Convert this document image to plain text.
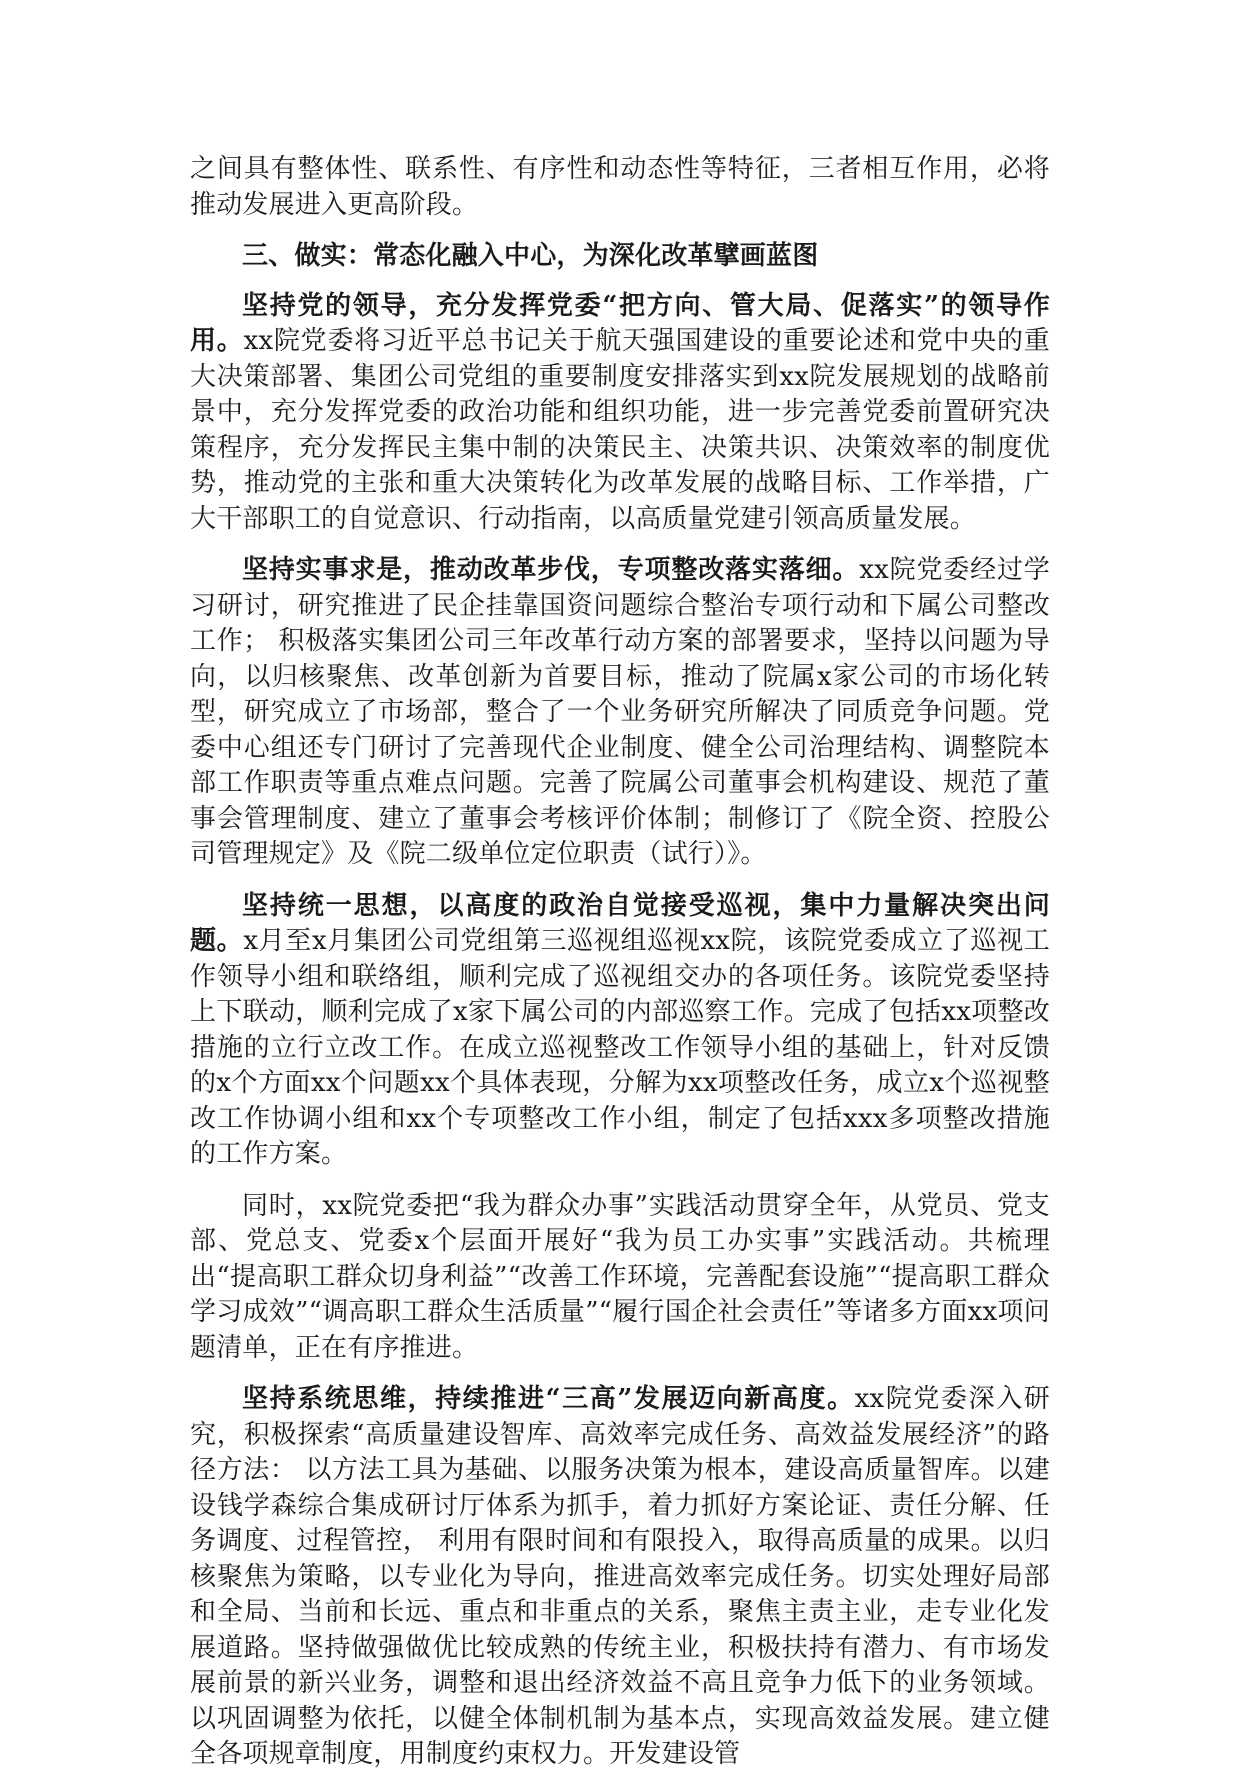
之间具有整体性、联系性、有序性和动态性等特征，三者相互作用，必将推动发展进入更高阶段。

三、做实：常态化融入中心，为深化改革擘画蓝图

坚持党的领导，充分发挥党委“把方向、管大局、促落实”的领导作用。xx院党委将习近平总书记关于航天强国建设的重要论述和党中央的重大决策部署、集团公司党组的重要制度安排落实到xx院发展规划的战略前景中，充分发挥党委的政治功能和组织功能，进一步完善党委前置研究决策程序，充分发挥民主集中制的决策民主、决策共识、决策效率的制度优势，推动党的主张和重大决策转化为改革发展的战略目标、工作举措，广大干部职工的自觉意识、行动指南，以高质量党建引领高质量发展。

坚持实事求是，推动改革步伐，专项整改落实落细。xx院党委经过学习研讨，研究推进了民企挂靠国资问题综合整治专项行动和下属公司整改工作； 积极落实集团公司三年改革行动方案的部署要求，坚持以问题为导向，以归核聚焦、改革创新为首要目标，推动了院属x家公司的市场化转型，研究成立了市场部，整合了一个业务研究所解决了同质竞争问题。党委中心组还专门研讨了完善现代企业制度、健全公司治理结构、调整院本部工作职责等重点难点问题。完善了院属公司董事会机构建设、规范了董事会管理制度、建立了董事会考核评价体制；制修订了《院全资、控股公司管理规定》及《院二级单位定位职责（试行）》。

坚持统一思想，以高度的政治自觉接受巡视，集中力量解决突出问题。x月至x月集团公司党组第三巡视组巡视xx院，该院党委成立了巡视工作领导小组和联络组，顺利完成了巡视组交办的各项任务。该院党委坚持上下联动，顺利完成了x家下属公司的内部巡察工作。完成了包括xx项整改措施的立行立改工作。在成立巡视整改工作领导小组的基础上，针对反馈的x个方面xx个问题xx个具体表现，分解为xx项整改任务，成立x个巡视整改工作协调小组和xx个专项整改工作小组，制定了包括xxx多项整改措施的工作方案。

同时，xx院党委把“我为群众办事”实践活动贯穿全年，从党员、党支部、党总支、党委x个层面开展好“我为员工办实事”实践活动。共梳理出“提高职工群众切身利益”“改善工作环境，完善配套设施”“提高职工群众学习成效”“调高职工群众生活质量”“履行国企社会责任”等诸多方面xx项问题清单，正在有序推进。

坚持系统思维，持续推进“三高”发展迈向新高度。xx院党委深入研究，积极探索“高质量建设智库、高效率完成任务、高效益发展经济”的路径方法： 以方法工具为基础、以服务决策为根本，建设高质量智库。以建设钱学森综合集成研讨厅体系为抓手，着力抓好方案论证、责任分解、任务调度、过程管控， 利用有限时间和有限投入，取得高质量的成果。以归核聚焦为策略，以专业化为导向，推进高效率完成任务。切实处理好局部和全局、当前和长远、重点和非重点的关系，聚焦主责主业，走专业化发展道路。坚持做强做优比较成熟的传统主业，积极扶持有潜力、有市场发展前景的新兴业务，调整和退出经济效益不高且竞争力低下的业务领域。以巩固调整为依托，以健全体制机制为基本点，实现高效益发展。建立健全各项规章制度，用制度约束权力。开发建设管
